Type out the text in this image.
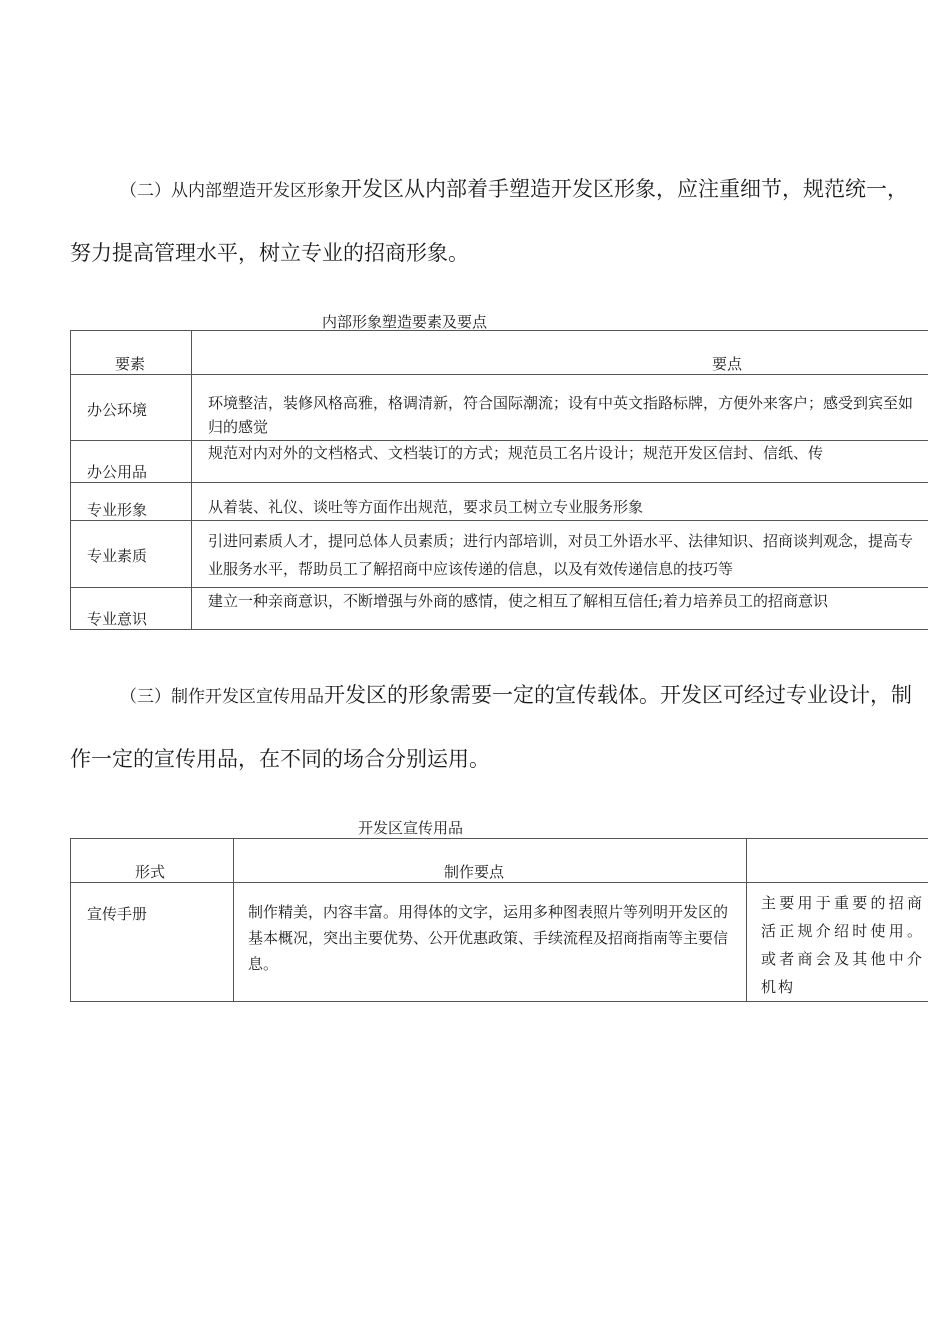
（二）从内部塑造开发区形象开发区从内部着手塑造开发区形象，应注重细节，规范统一，努力提高管理水平，树立专业的招商形象。

内部形象塑造要素及要点
要素	要点

办公环境	环境整洁，装修风格高雅，格调清新，符合国际潮流；设有中英文指路标牌，方便外来客户；感受到宾至如归的感觉

办公用品	规范对内对外的文档格式、文档装订的方式；规范员工名片设计；规范开发区信封、信纸、传

专业形象	从着装、礼仪、谈吐等方面作出规范，要求员工树立专业服务形象

专业素质	引进冋素质人才，提冋总体人员素质；进行内部培训，对员工外语水平、法律知识、招商谈判观念，提高专业服务水平，帮助员工了解招商中应该传递的信息，以及有效传递信息的技巧等

专业意识	建立一种亲商意识，不断增强与外商的感情，使之相互了解相互信任;着力培养员工的招商意识

（三）制作开发区宣传用品开发区的形象需要一定的宣传载体。开发区可经过专业设计，制作一定的宣传用品，在不同的场合分别运用。

开发区宣传用品
形式	制作要点	

宣传手册	制作精美，内容丰富。用得体的文字，运用多种图表照片等列明开发区的基本概况，突出主要优势、公开优惠政策、手续流程及招商指南等主要信息。	主要用于重要的招商活正规介绍时使用。或者商会及其他中介机构
